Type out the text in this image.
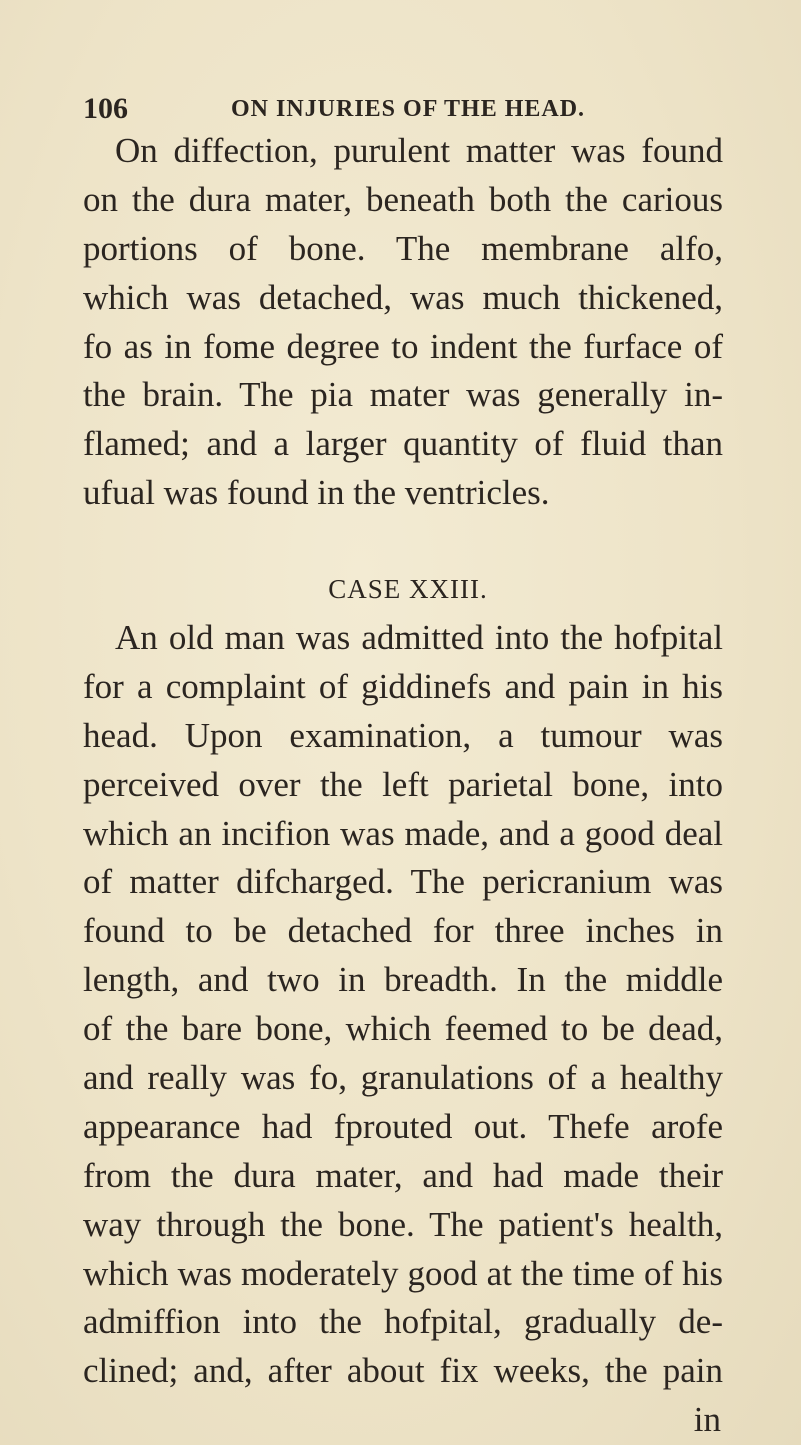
106	ON INJURIES OF THE HEAD.
On diffection, purulent matter was found
on the dura mater, beneath both the carious
portions of bone. The membrane alfo,
which was detached, was much thickened,
fo as in fome degree to indent the furface of
the brain. The pia mater was generally in-
flamed; and a larger quantity of fluid than
ufual was found in the ventricles.
CASE XXIII.
An old man was admitted into the hofpital
for a complaint of giddinefs and pain in his
head. Upon examination, a tumour was
perceived over the left parietal bone, into
which an incifion was made, and a good deal
of matter difcharged. The pericranium was
found to be detached for three inches in
length, and two in breadth. In the middle
of the bare bone, which feemed to be dead,
and really was fo, granulations of a healthy
appearance had fprouted out. Thefe arofe
from the dura mater, and had made their
way through the bone. The patient's health,
which was moderately good at the time of his
admiffion into the hofpital, gradually de-
clined; and, after about fix weeks, the pain
in
